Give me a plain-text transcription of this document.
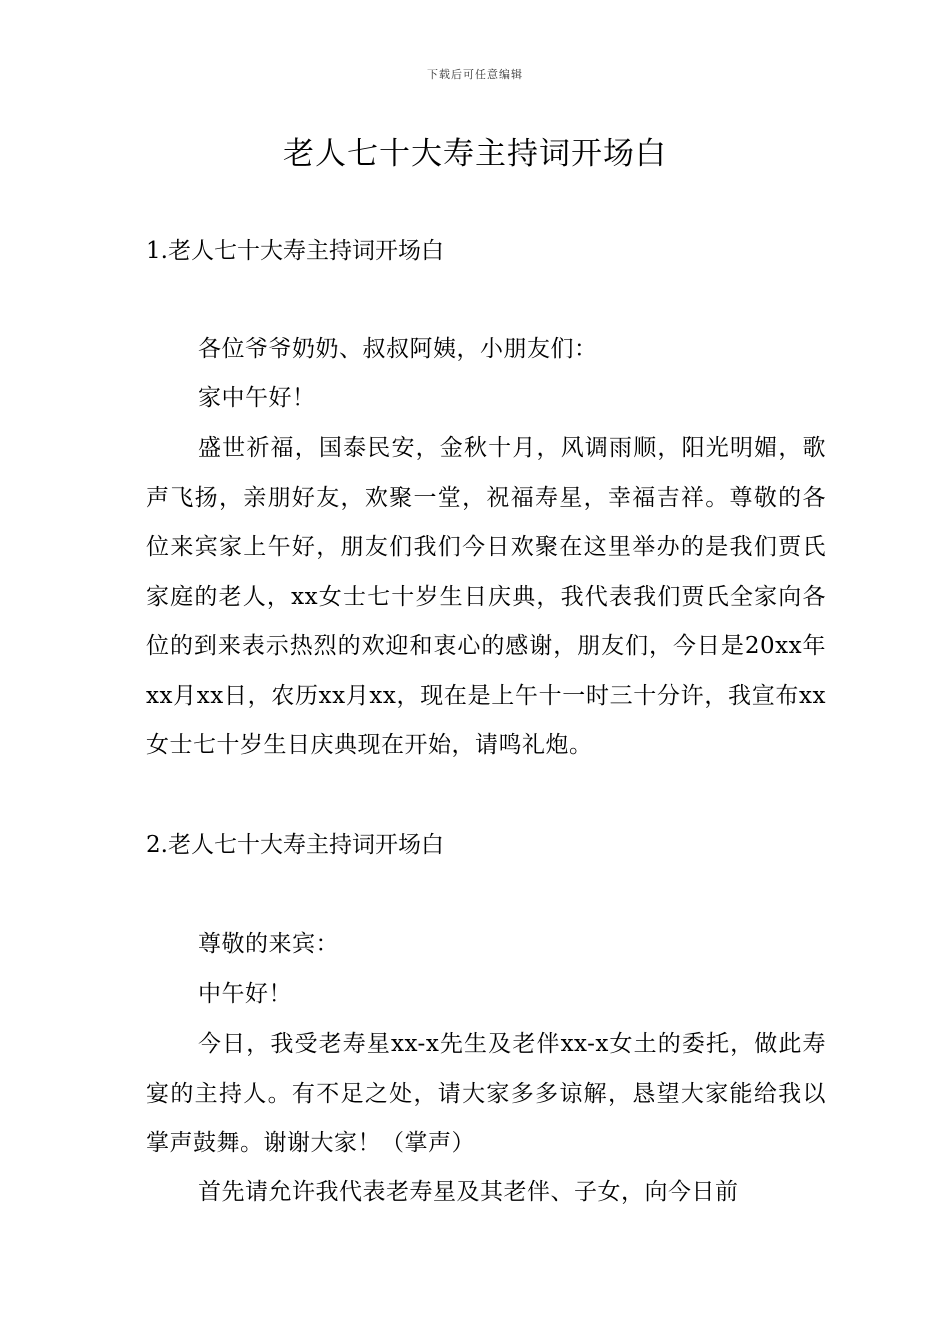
下载后可任意编辑
老人七十大寿主持词开场白
1.老人七十大寿主持词开场白

各位爷爷奶奶、叔叔阿姨，小朋友们：

家中午好！

盛世祈福，国泰民安，金秋十月，风调雨顺，阳光明媚，歌声飞扬，亲朋好友，欢聚一堂，祝福寿星，幸福吉祥。尊敬的各位来宾家上午好，朋友们我们今日欢聚在这里举办的是我们贾氏家庭的老人，xx女士七十岁生日庆典，我代表我们贾氏全家向各位的到来表示热烈的欢迎和衷心的感谢，朋友们，今日是20xx年xx月xx日，农历xx月xx，现在是上午十一时三十分许，我宣布xx女士七十岁生日庆典现在开始，请鸣礼炮。

2.老人七十大寿主持词开场白

尊敬的来宾：

中午好！

今日，我受老寿星xx-x先生及老伴xx-x女土的委托，做此寿宴的主持人。有不足之处，请大家多多谅解，恳望大家能给我以掌声鼓舞。谢谢大家！（掌声）

首先请允许我代表老寿星及其老伴、子女，向今日前
